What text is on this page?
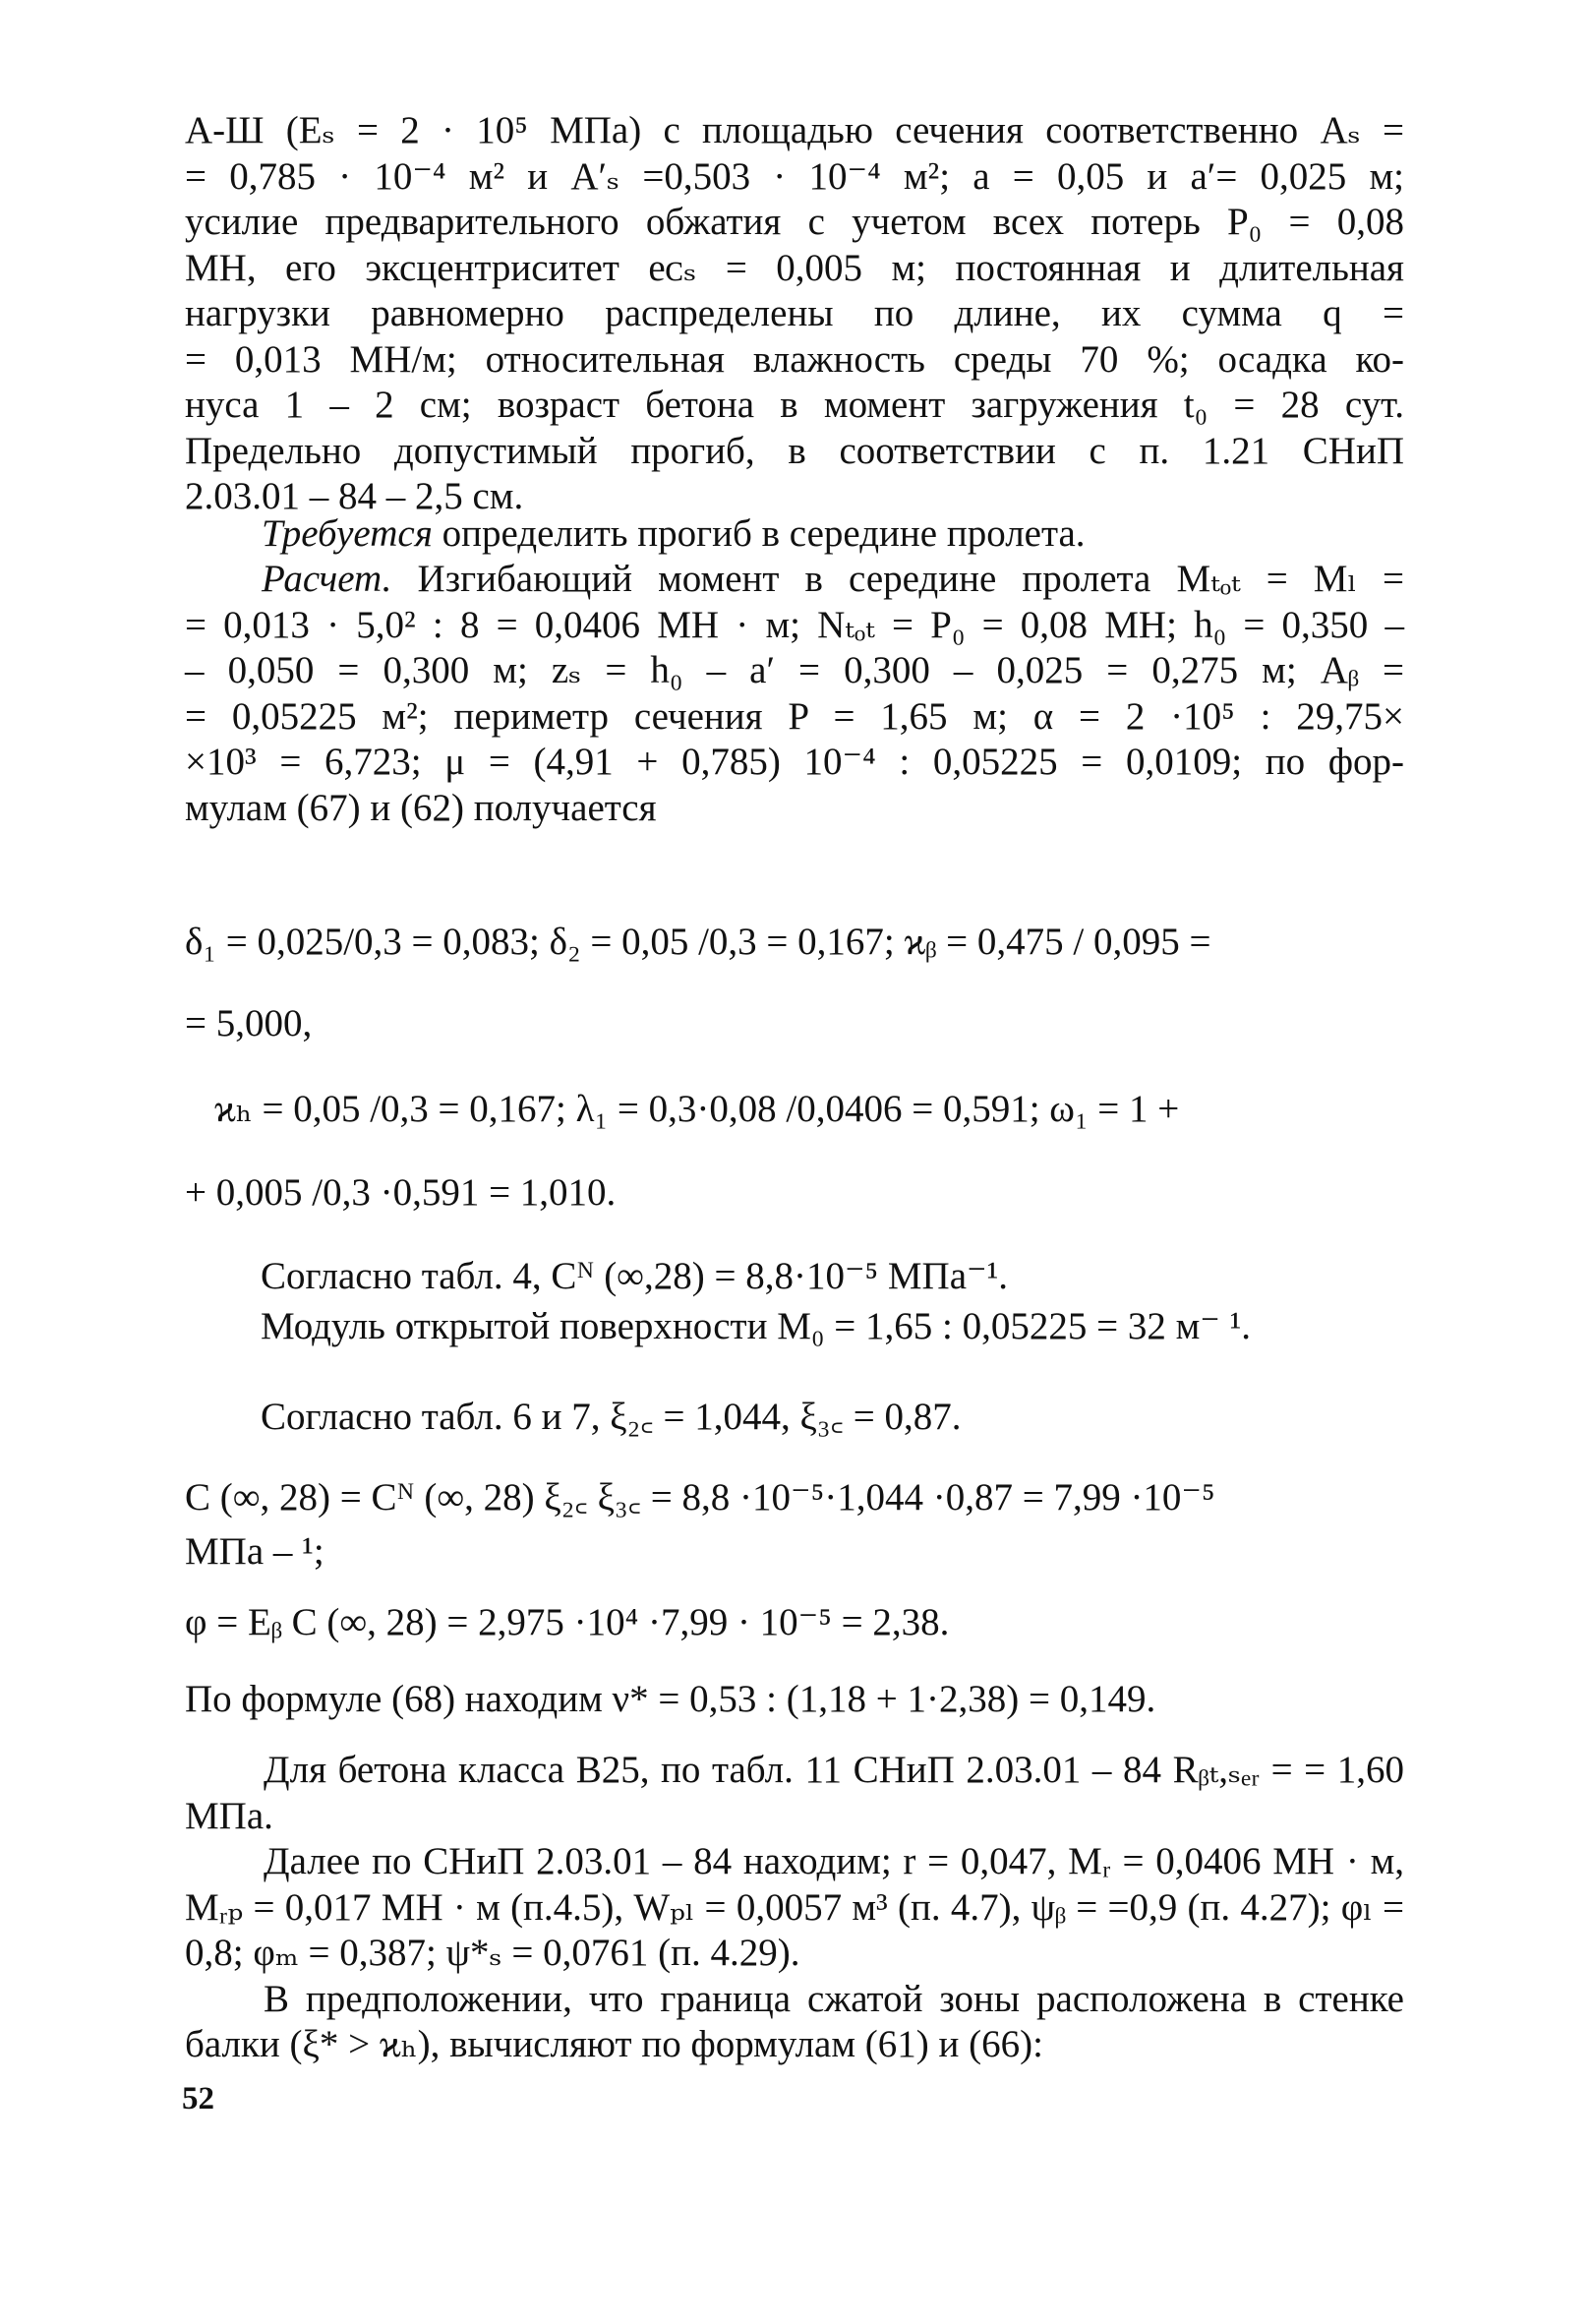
А-Ш (Eₛ = 2 · 10⁵ МПа) с площадью сечения соответственно Aₛ =
= 0,785 · 10⁻⁴ м² и A′ₛ =0,503 · 10⁻⁴ м²; a = 0,05 и a′= 0,025 м;
усилие предварительного обжатия с учетом всех потерь P₀ = 0,08
МН, его эксцентриситет eᴄₛ = 0,005 м; постоянная и длительная
нагрузки равномерно распределены по длине, их сумма q =
= 0,013 МН/м; относительная влажность среды 70 %; осадка ко-
нуса 1 – 2 см; возраст бетона в момент загружения t₀ = 28 сут.
Предельно допустимый прогиб, в соответствии с п. 1.21 СНиП
2.03.01 – 84 – 2,5 см.
Требуется определить прогиб в середине пролета.
Расчет. Изгибающий момент в середине пролета Mₜₒₜ = Mₗ =
= 0,013 · 5,0² : 8 = 0,0406 МН · м; Nₜₒₜ = P₀ = 0,08 МН; h₀ = 0,350 –
– 0,050 = 0,300 м; zₛ = h₀ – a′ = 0,300 – 0,025 = 0,275 м; Aᵦ =
= 0,05225 м²; периметр сечения P = 1,65 м; α = 2 ·10⁵ : 29,75×
×10³ = 6,723; μ = (4,91 + 0,785) 10⁻⁴ : 0,05225 = 0,0109; по фор-
мулам (67) и (62) получается
δ₁ = 0,025/0,3 = 0,083; δ₂ = 0,05 /0,3 = 0,167; ϰᵦ = 0,475 / 0,095 =
= 5,000,
ϰₕ = 0,05 /0,3 = 0,167; λ₁ = 0,3·0,08 /0,0406 = 0,591; ω₁ = 1 +
+ 0,005 /0,3 ·0,591 = 1,010.
Согласно табл. 4, Cᴺ (∞,28) = 8,8·10⁻⁵ МПа⁻¹.
Модуль открытой поверхности M₀ = 1,65 : 0,05225 = 32 м⁻ ¹.
Согласно табл. 6 и 7, ξ₂꜀ = 1,044, ξ₃꜀ = 0,87.
C (∞, 28) = Cᴺ (∞, 28) ξ₂꜀ ξ₃꜀ = 8,8 ·10⁻⁵·1,044 ·0,87 = 7,99 ·10⁻⁵
МПа – ¹;
φ = Eᵦ C (∞, 28) = 2,975 ·10⁴ ·7,99 · 10⁻⁵ = 2,38.
По формуле (68) находим ν* = 0,53 : (1,18 + 1·2,38) = 0,149.
Для бетона класса В25, по табл. 11 СНиП 2.03.01 – 84 Rᵦₜ,ₛₑᵣ = = 1,60 МПа.
Далее по СНиП 2.03.01 – 84 находим; r = 0,047, Mᵣ = 0,0406 МН · м, Mᵣₚ = 0,017 МН · м (п.4.5), Wₚₗ = 0,0057 м³ (п. 4.7), ψᵦ = =0,9 (п. 4.27); φₗ = 0,8; φₘ = 0,387; ψ*ₛ = 0,0761 (п. 4.29).
В предположении, что граница сжатой зоны расположена в стенке балки (ξ* > ϰₕ), вычисляют по формулам (61) и (66):
52
